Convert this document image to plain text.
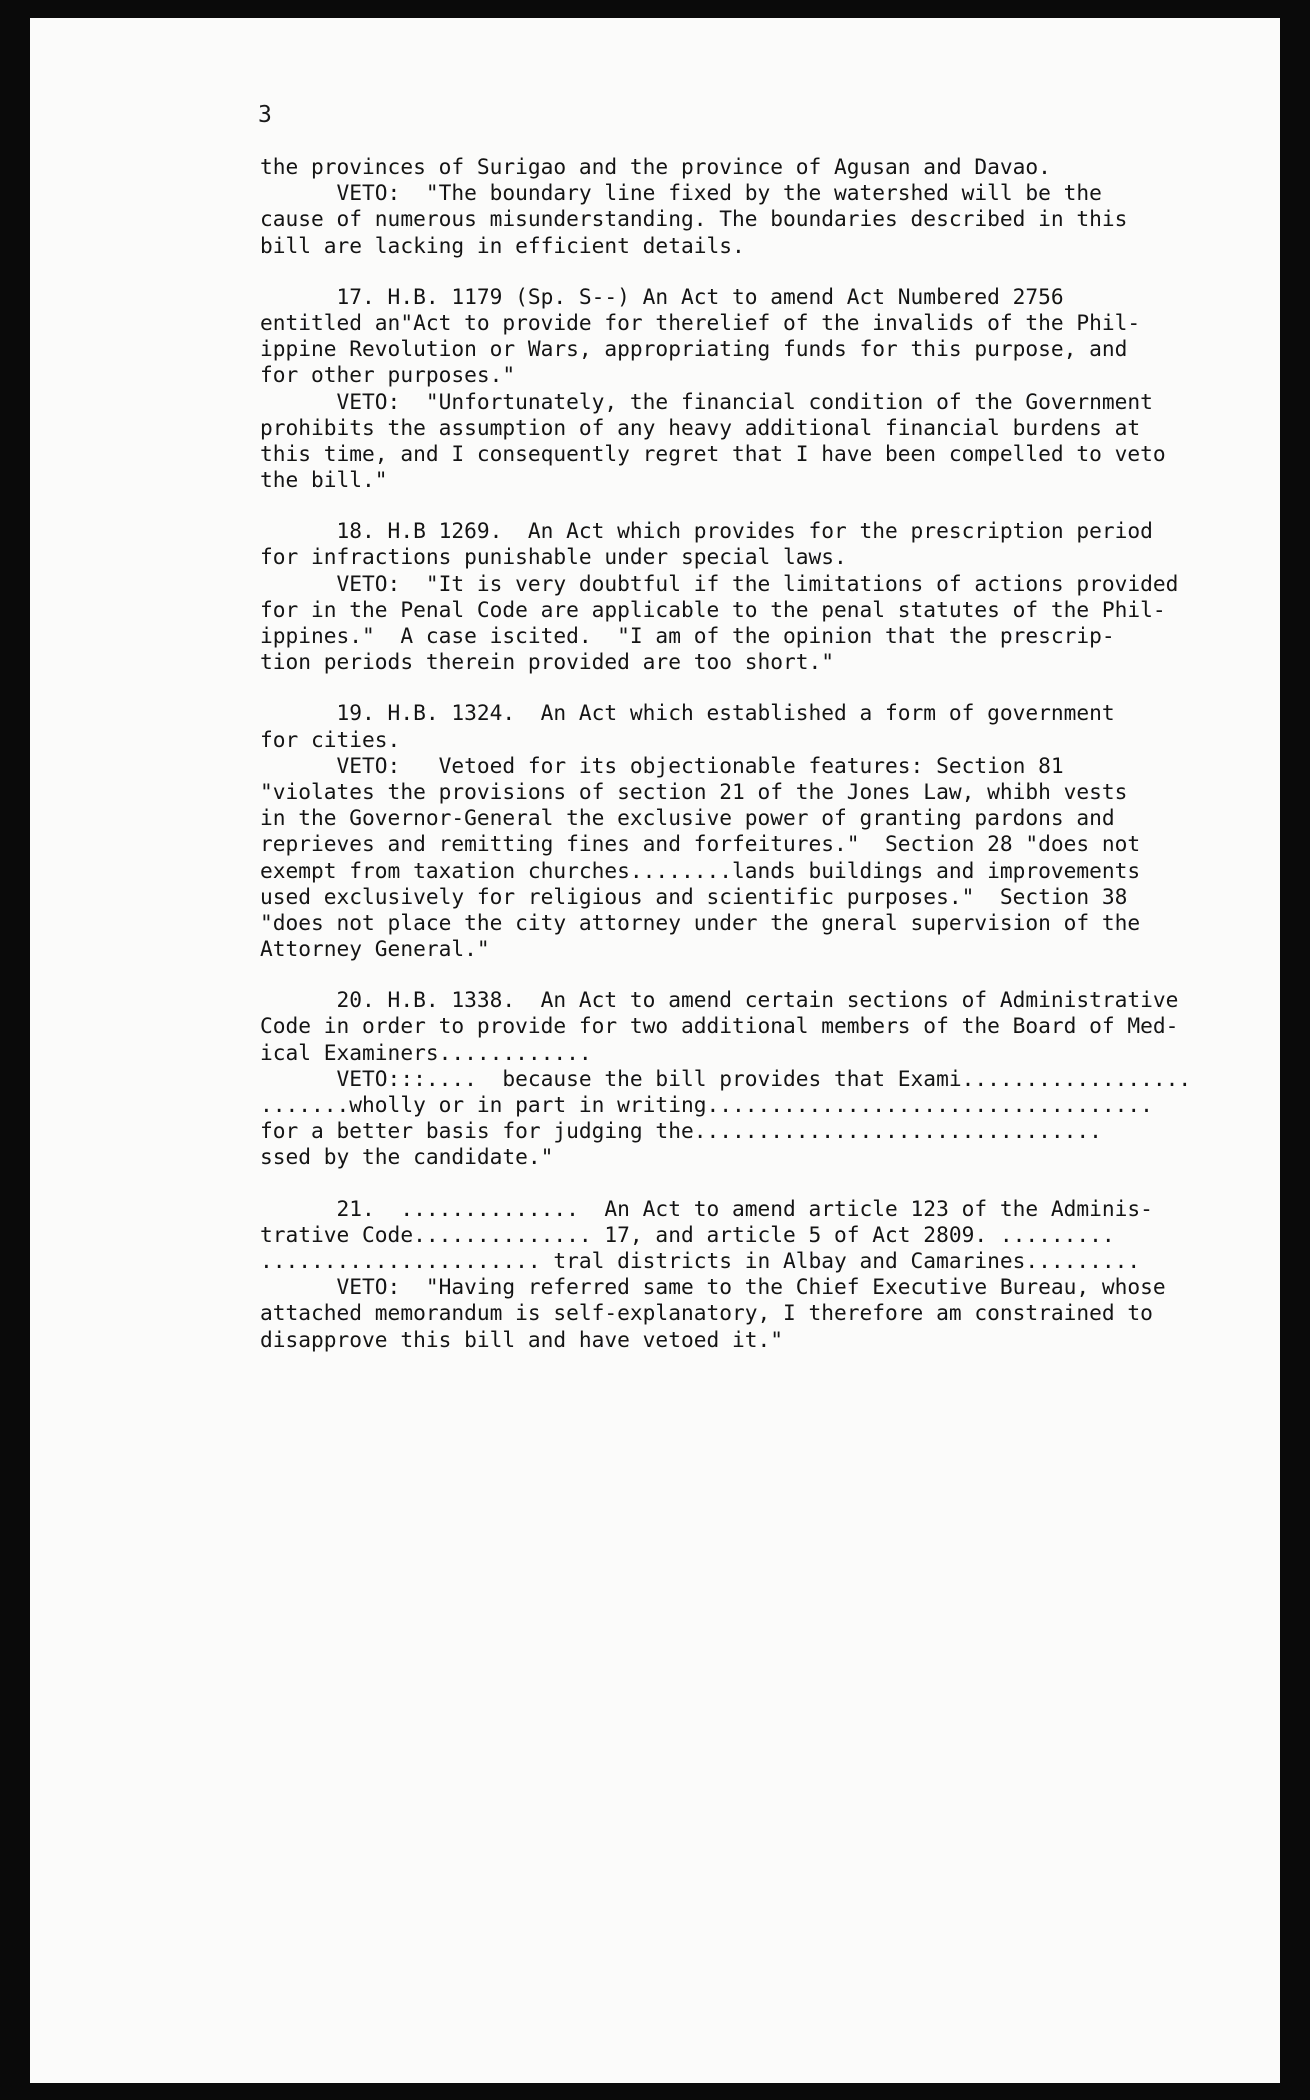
3

the provinces of Surigao and the province of Agusan and Davao.

VETO:  "The boundary line fixed by the watershed will be the

cause of numerous misunderstanding. The boundaries described in this

bill are lacking in efficient details.

17. H.B. 1179 (Sp. S--) An Act to amend Act Numbered 2756

entitled an"Act to provide for therelief of the invalids of the Phil-

ippine Revolution or Wars, appropriating funds for this purpose, and

for other purposes."

VETO:  "Unfortunately, the financial condition of the Government

prohibits the assumption of any heavy additional financial burdens at

this time, and I consequently regret that I have been compelled to veto

the bill."

18. H.B 1269.  An Act which provides for the prescription period

for infractions punishable under special laws.

VETO:  "It is very doubtful if the limitations of actions provided

for in the Penal Code are applicable to the penal statutes of the Phil-

ippines."  A case iscited.  "I am of the opinion that the prescrip-

tion periods therein provided are too short."

19. H.B. 1324.  An Act which established a form of government

for cities.

VETO:   Vetoed for its objectionable features: Section 81

"violates the provisions of section 21 of the Jones Law, whibh vests

in the Governor-General the exclusive power of granting pardons and

reprieves and remitting fines and forfeitures."  Section 28 "does not

exempt from taxation churches........lands buildings and improvements

used exclusively for religious and scientific purposes."  Section 38

"does not place the city attorney under the gneral supervision of the

Attorney General."

20. H.B. 1338.  An Act to amend certain sections of Administrative

Code in order to provide for two additional members of the Board of Med-

ical Examiners............

VETO:::....  because the bill provides that Exami..................

.......wholly or in part in writing...................................

for a better basis for judging the................................

ssed by the candidate."

21.  ..............  An Act to amend article 123 of the Adminis-

trative Code.............. 17, and article 5 of Act 2809. .........

...................... tral districts in Albay and Camarines.........

VETO:  "Having referred same to the Chief Executive Bureau, whose

attached memorandum is self-explanatory, I therefore am constrained to

disapprove this bill and have vetoed it."
